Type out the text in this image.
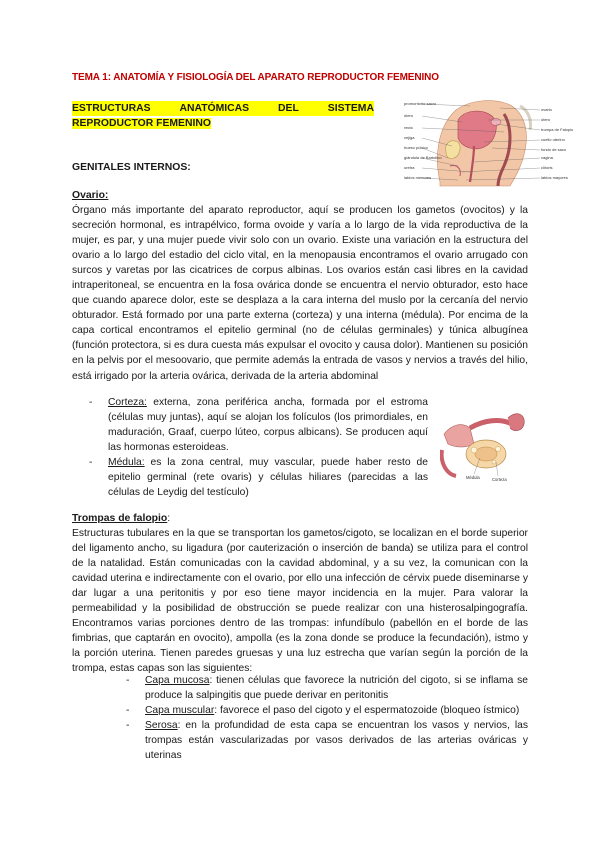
TEMA 1: ANATOMÍA Y FISIOLOGÍA DEL APARATO REPRODUCTOR FEMENINO
ESTRUCTURAS	ANATÓMICAS	DEL	SISTEMA
REPRODUCTOR FEMENINO
promontorio sacro
útero
recto
vejiga
hueso púbico
glándula de Bartolino
uretra
labios menores
ovario
útero
trompa de Falopio
cuello uterino
fondo de saco
vagina
clítoris
labios mayores
GENITALES INTERNOS:
Ovario:
Órgano más importante del aparato reproductor, aquí se producen los gametos (ovocitos) y la secreción hormonal, es intrapélvico, forma ovoide y varía a lo largo de la vida reproductiva de la mujer, es par, y una mujer puede vivir solo con un ovario. Existe una variación en la estructura del ovario a lo largo del estadio del ciclo vital, en la menopausia encontramos el ovario arrugado con surcos y varetas por las cicatrices de corpus albinas. Los ovarios están casi libres en la cavidad intraperitoneal, se encuentra en la fosa ovárica donde se encuentra el nervio obturador, esto hace que cuando aparece dolor, este se desplaza a la cara interna del muslo por la cercanía del nervio obturador. Está formado por una parte externa (corteza) y una interna (médula). Por encima de la capa cortical encontramos el epitelio germinal (no de células germinales) y túnica albugínea (función protectora, si es dura cuesta más expulsar el ovocito y causa dolor). Mantienen su posición en la pelvis por el mesoovario, que permite además la entrada de vasos y nervios a través del hilio, está irrigado por la arteria ovárica, derivada de la arteria abdominal
- Corteza: externa, zona periférica ancha, formada por el estroma (células muy juntas), aquí se alojan los folículos (los primordiales, en maduración, Graaf, cuerpo lúteo, corpus albicans). Se producen aquí las hormonas esteroideas.
- Médula: es la zona central, muy vascular, puede haber resto de epitelio germinal (rete ovaris) y células hiliares (parecidas a las células de Leydig del testículo)
Médula	Corteza
Trompas de falopio:
Estructuras tubulares en la que se transportan los gametos/cigoto, se localizan en el borde superior del ligamento ancho, su ligadura (por cauterización o inserción de banda) se utiliza para el control de la natalidad. Están comunicadas con la cavidad abdominal, y a su vez, la comunican con la cavidad uterina e indirectamente con el ovario, por ello una infección de cérvix puede diseminarse y dar lugar a una peritonitis y por eso tiene mayor incidencia en la mujer. Para valorar la permeabilidad y la posibilidad de obstrucción se puede realizar con una histerosalpingografía. Encontramos varias porciones dentro de las trompas: infundíbulo (pabellón en el borde de las fimbrias, que captarán en ovocito), ampolla (es la zona donde se produce la fecundación), istmo y la porción uterina. Tienen paredes gruesas y una luz estrecha que varían según la porción de la trompa, estas capas son las siguientes:
- Capa mucosa: tienen células que favorece la nutrición del cigoto, si se inflama se produce la salpingitis que puede derivar en peritonitis
- Capa muscular: favorece el paso del cigoto y el espermatozoide (bloqueo ístmico)
- Serosa: en la profundidad de esta capa se encuentran los vasos y nervios, las trompas están vascularizadas por vasos derivados de las arterias ováricas y uterinas
